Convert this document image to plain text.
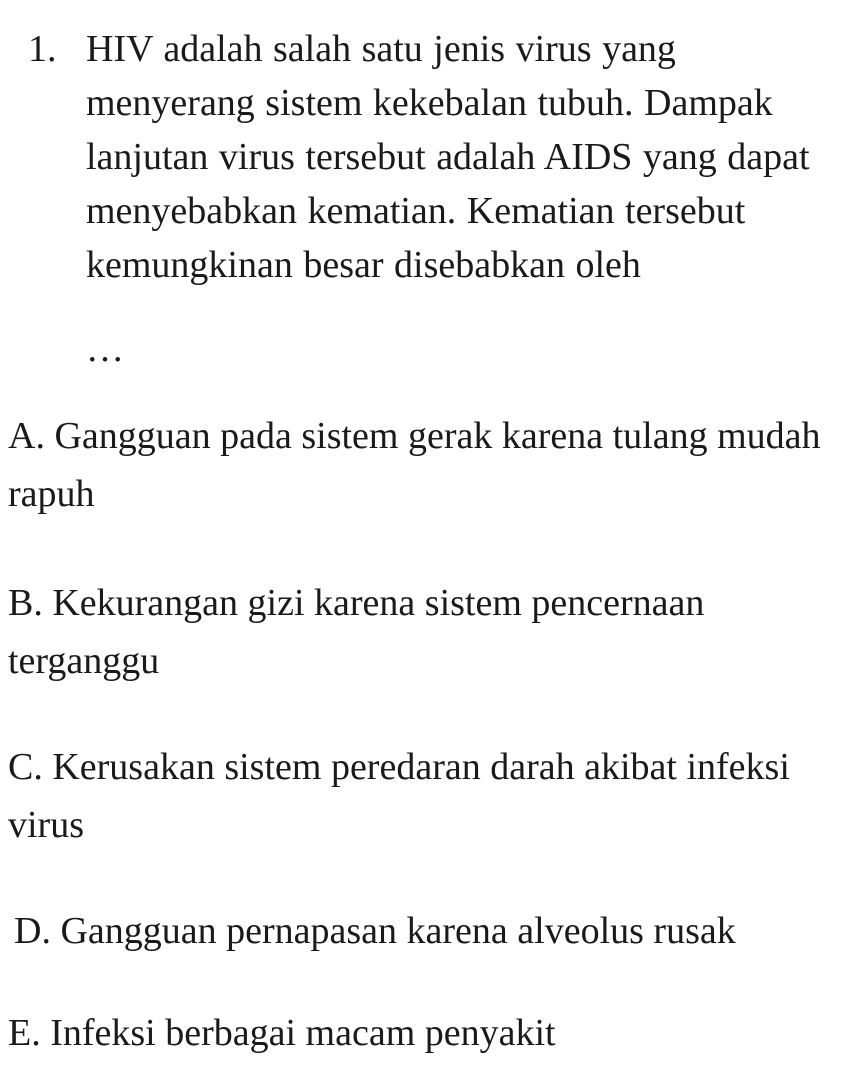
1. HIV adalah salah satu jenis virus yang menyerang sistem kekebalan tubuh. Dampak lanjutan virus tersebut adalah AIDS yang dapat menyebabkan kematian. Kematian tersebut kemungkinan besar disebabkan oleh
…
A. Gangguan pada sistem gerak karena tulang mudah rapuh
B. Kekurangan gizi karena sistem pencernaan terganggu
C. Kerusakan sistem peredaran darah akibat infeksi virus
D. Gangguan pernapasan karena alveolus rusak
E. Infeksi berbagai macam penyakit
